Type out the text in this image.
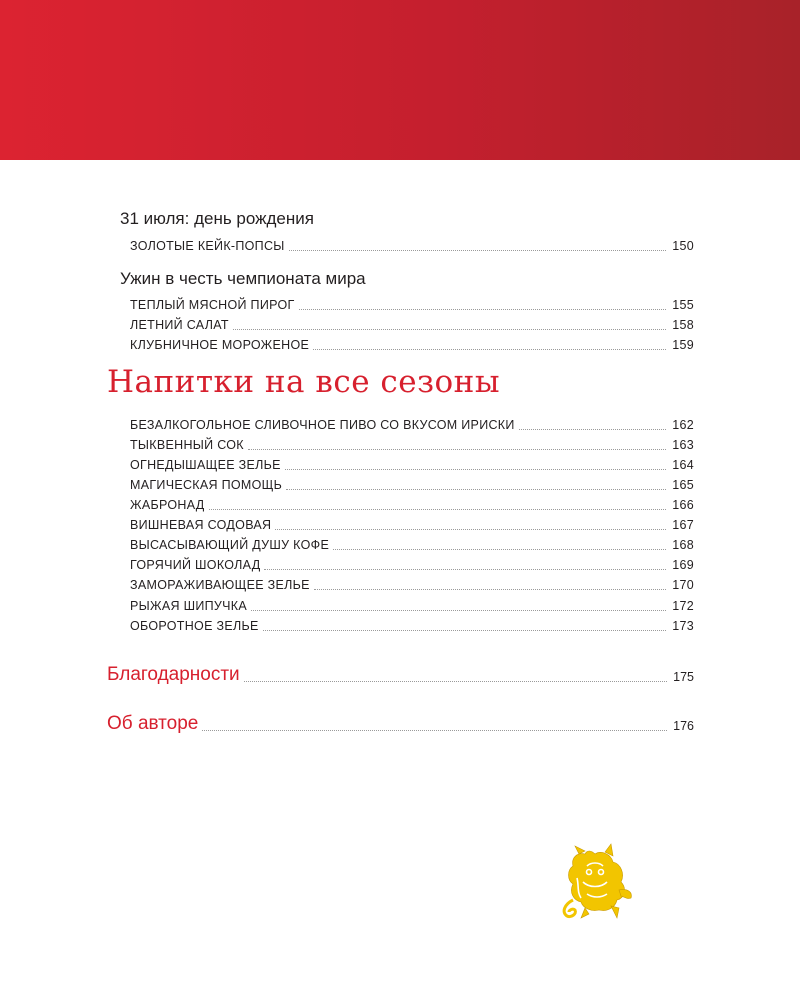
31 июля: день рождения
ЗОЛОТЫЕ КЕЙК-ПОПСЫ	150
Ужин в честь чемпионата мира
ТЕПЛЫЙ МЯСНОЙ ПИРОГ	155
ЛЕТНИЙ САЛАТ	158
КЛУБНИЧНОЕ МОРОЖЕНОЕ	159
Напитки на все сезоны
БЕЗАЛКОГОЛЬНОЕ СЛИВОЧНОЕ ПИВО СО ВКУСОМ ИРИСКИ	162
ТЫКВЕННЫЙ СОК	163
ОГНЕДЫШАЩЕЕ ЗЕЛЬЕ	164
МАГИЧЕСКАЯ ПОМОЩЬ	165
ЖАБРОНАД	166
ВИШНЕВАЯ СОДОВАЯ	167
ВЫСАСЫВАЮЩИЙ ДУШУ КОФЕ	168
ГОРЯЧИЙ ШОКОЛАД	169
ЗАМОРАЖИВАЮЩЕЕ ЗЕЛЬЕ	170
РЫЖАЯ ШИПУЧКА	172
ОБОРОТНОЕ ЗЕЛЬЕ	173
Благодарности	175
Об авторе	176
